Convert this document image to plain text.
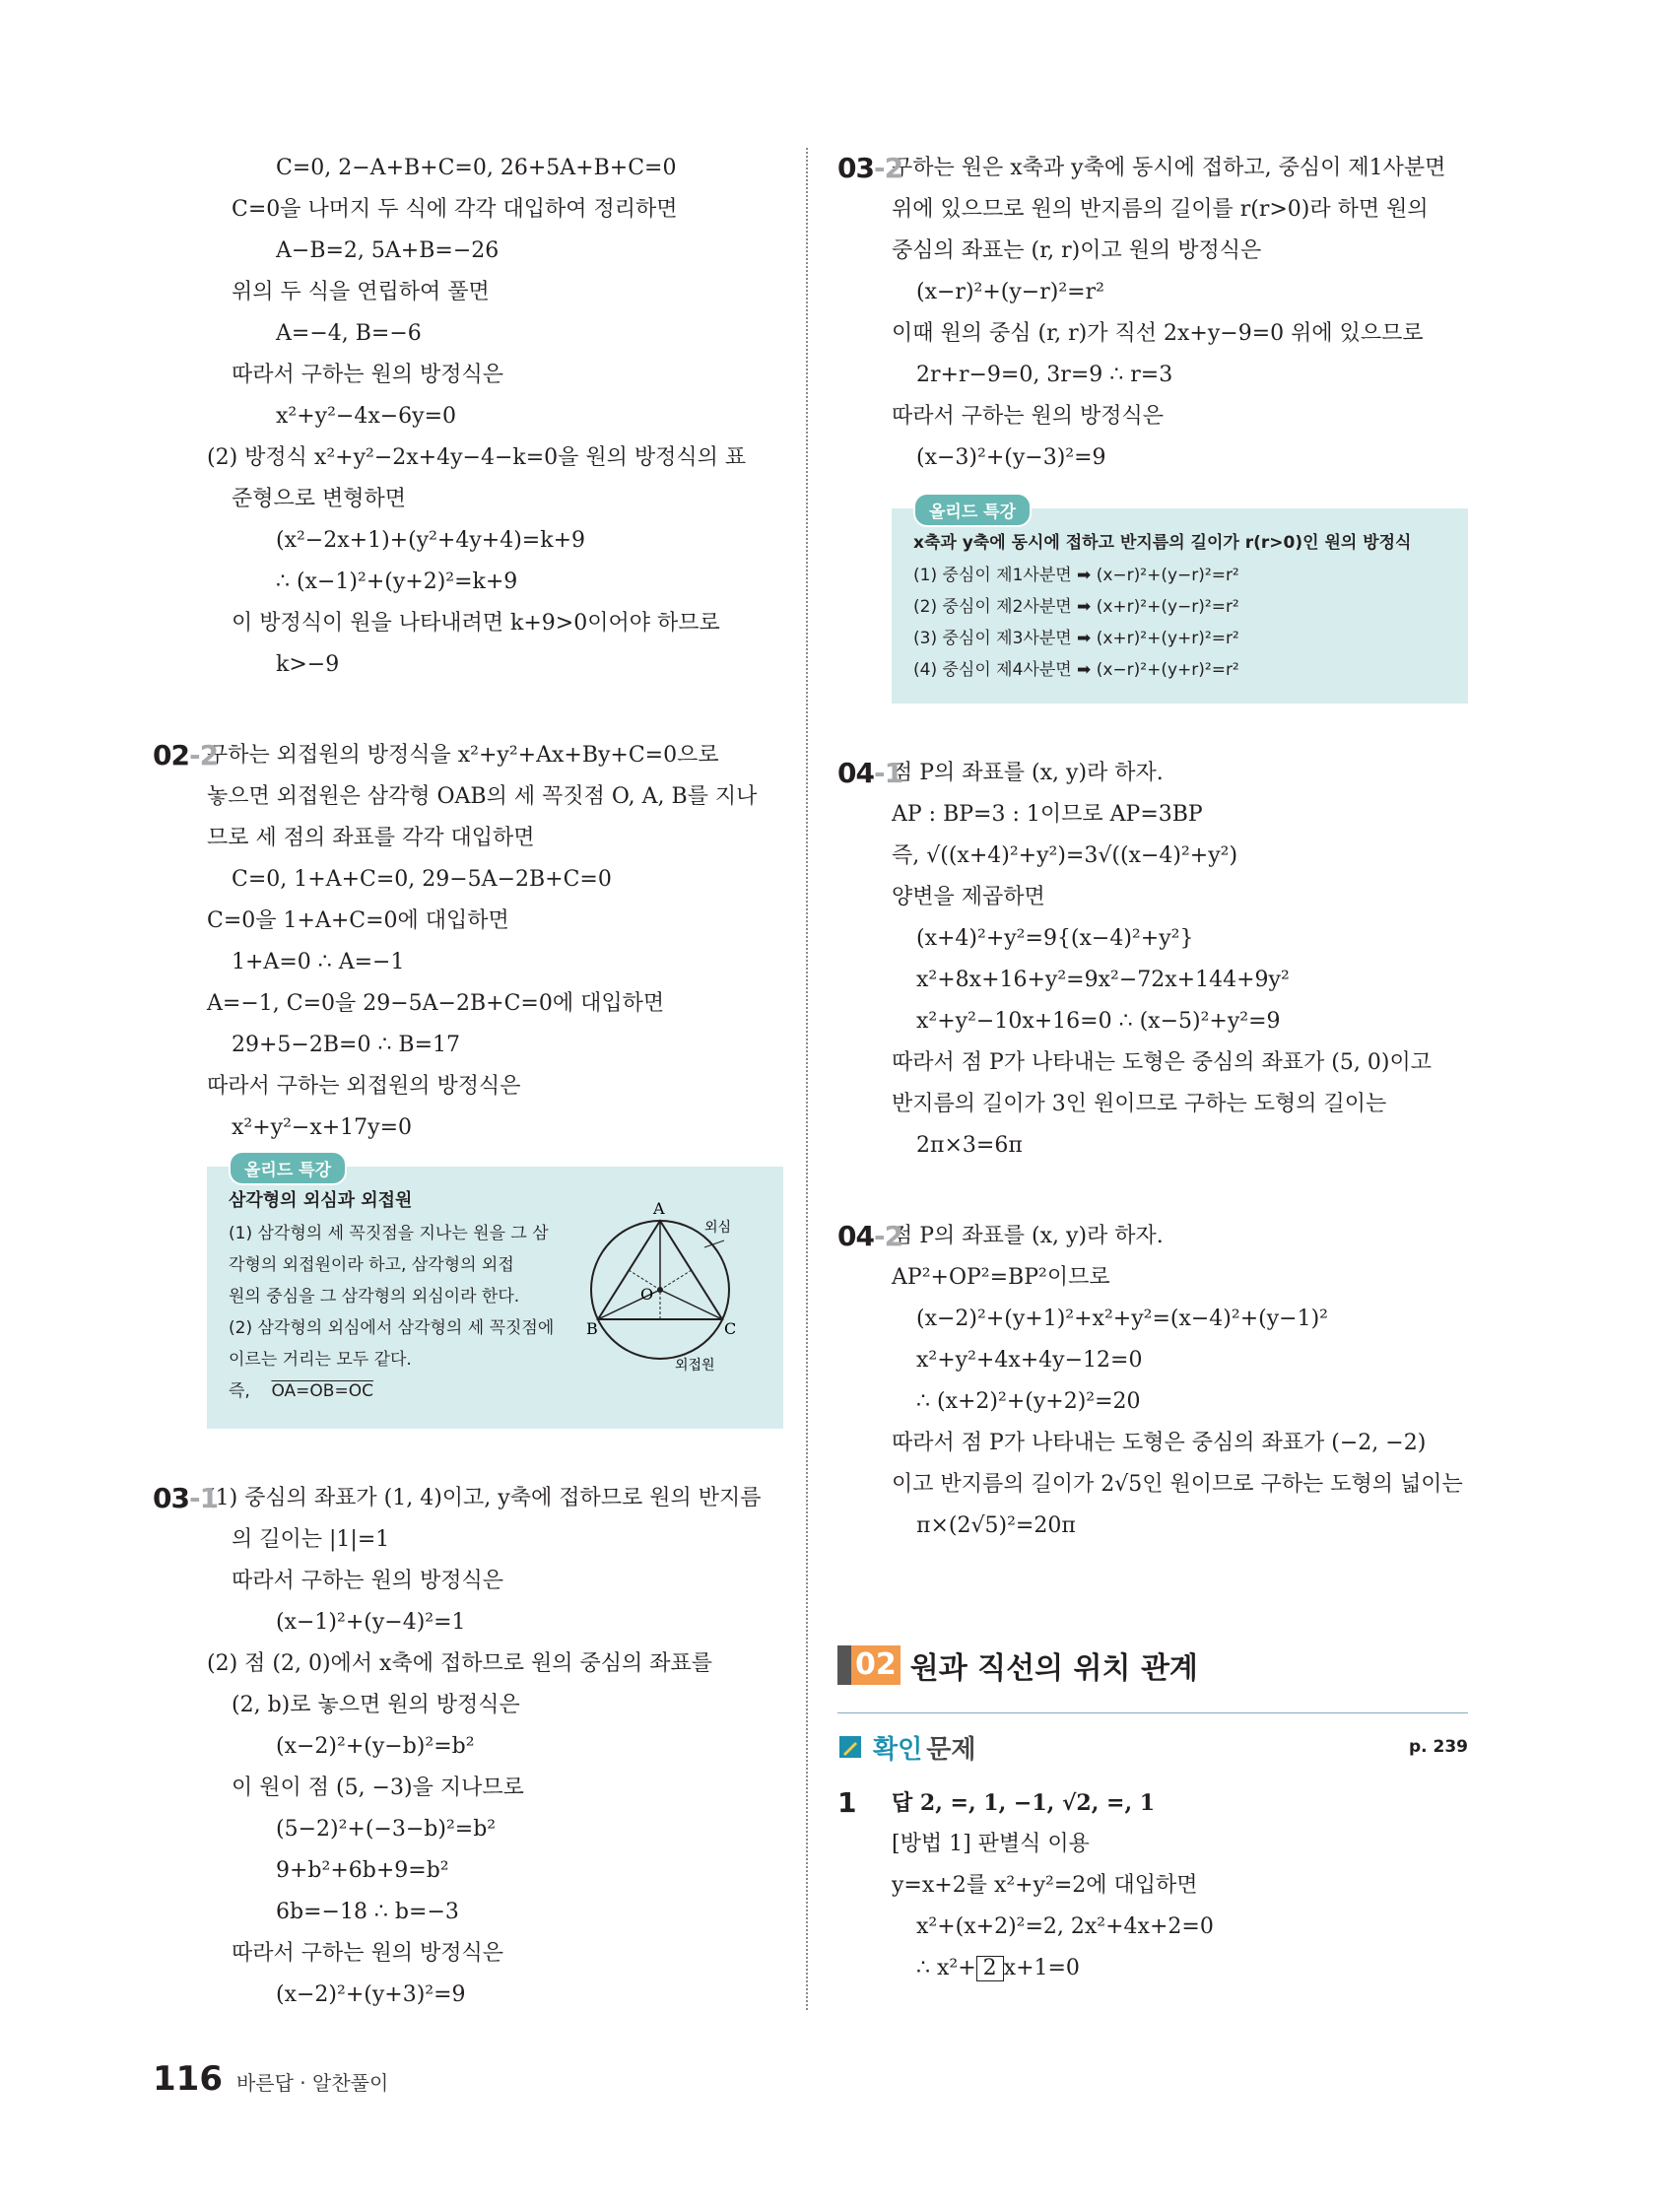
C=0, 2−A+B+C=0, 26+5A+B+C=0
C=0을 나머지 두 식에 각각 대입하여 정리하면
A−B=2, 5A+B=−26
위의 두 식을 연립하여 풀면
A=−4, B=−6
따라서 구하는 원의 방정식은
x²+y²−4x−6y=0
(2) 방정식 x²+y²−2x+4y−4−k=0을 원의 방정식의 표
준형으로 변형하면
(x²−2x+1)+(y²+4y+4)=k+9
∴ (x−1)²+(y+2)²=k+9
이 방정식이 원을 나타내려면 k+9>0이어야 하므로
k>−9
02-2
구하는 외접원의 방정식을 x²+y²+Ax+By+C=0으로
놓으면 외접원은 삼각형 OAB의 세 꼭짓점 O, A, B를 지나
므로 세 점의 좌표를 각각 대입하면
C=0, 1+A+C=0, 29−5A−2B+C=0
C=0을 1+A+C=0에 대입하면
1+A=0 ∴ A=−1
A=−1, C=0을 29−5A−2B+C=0에 대입하면
29+5−2B=0 ∴ B=17
따라서 구하는 외접원의 방정식은
x²+y²−x+17y=0
올리드 특강
삼각형의 외심과 외접원
(1) 삼각형의 세 꼭짓점을 지나는 원을 그 삼
각형의 외접원이라 하고, 삼각형의 외접
원의 중심을 그 삼각형의 외심이라 한다.
(2) 삼각형의 외심에서 삼각형의 세 꼭짓점에
이르는 거리는 모두 같다.
즉, OA=OB=OC
A
B	C
O
외심
외접원
03-1
(1) 중심의 좌표가 (1, 4)이고, y축에 접하므로 원의 반지름
의 길이는 |1|=1
따라서 구하는 원의 방정식은
(x−1)²+(y−4)²=1
(2) 점 (2, 0)에서 x축에 접하므로 원의 중심의 좌표를
(2, b)로 놓으면 원의 방정식은
(x−2)²+(y−b)²=b²
이 원이 점 (5, −3)을 지나므로
(5−2)²+(−3−b)²=b²
9+b²+6b+9=b²
6b=−18 ∴ b=−3
따라서 구하는 원의 방정식은
(x−2)²+(y+3)²=9
03-2
구하는 원은 x축과 y축에 동시에 접하고, 중심이 제1사분면
위에 있으므로 원의 반지름의 길이를 r(r>0)라 하면 원의
중심의 좌표는 (r, r)이고 원의 방정식은
(x−r)²+(y−r)²=r²
이때 원의 중심 (r, r)가 직선 2x+y−9=0 위에 있으므로
2r+r−9=0, 3r=9 ∴ r=3
따라서 구하는 원의 방정식은
(x−3)²+(y−3)²=9
올리드 특강
x축과 y축에 동시에 접하고 반지름의 길이가 r(r>0)인 원의 방정식
(1) 중심이 제1사분면 ➡ (x−r)²+(y−r)²=r²
(2) 중심이 제2사분면 ➡ (x+r)²+(y−r)²=r²
(3) 중심이 제3사분면 ➡ (x+r)²+(y+r)²=r²
(4) 중심이 제4사분면 ➡ (x−r)²+(y+r)²=r²
04-1
점 P의 좌표를 (x, y)라 하자.
AP : BP=3 : 1이므로 AP=3BP
즉, √((x+4)²+y²)=3√((x−4)²+y²)
양변을 제곱하면
(x+4)²+y²=9{(x−4)²+y²}
x²+8x+16+y²=9x²−72x+144+9y²
x²+y²−10x+16=0 ∴ (x−5)²+y²=9
따라서 점 P가 나타내는 도형은 중심의 좌표가 (5, 0)이고
반지름의 길이가 3인 원이므로 구하는 도형의 길이는
2π×3=6π
04-2
점 P의 좌표를 (x, y)라 하자.
AP²+OP²=BP²이므로
(x−2)²+(y+1)²+x²+y²=(x−4)²+(y−1)²
x²+y²+4x+4y−12=0
∴ (x+2)²+(y+2)²=20
따라서 점 P가 나타내는 도형은 중심의 좌표가 (−2, −2)
이고 반지름의 길이가 2√5인 원이므로 구하는 도형의 넓이는
π×(2√5)²=20π
02 원과 직선의 위치 관계
확인 문제	p. 239
1	답 2, =, 1, −1, √2, =, 1
[방법 1] 판별식 이용
y=x+2를 x²+y²=2에 대입하면
x²+(x+2)²=2, 2x²+4x+2=0
∴ x²+ 2 x+1=0
116 바른답 · 알찬풀이
